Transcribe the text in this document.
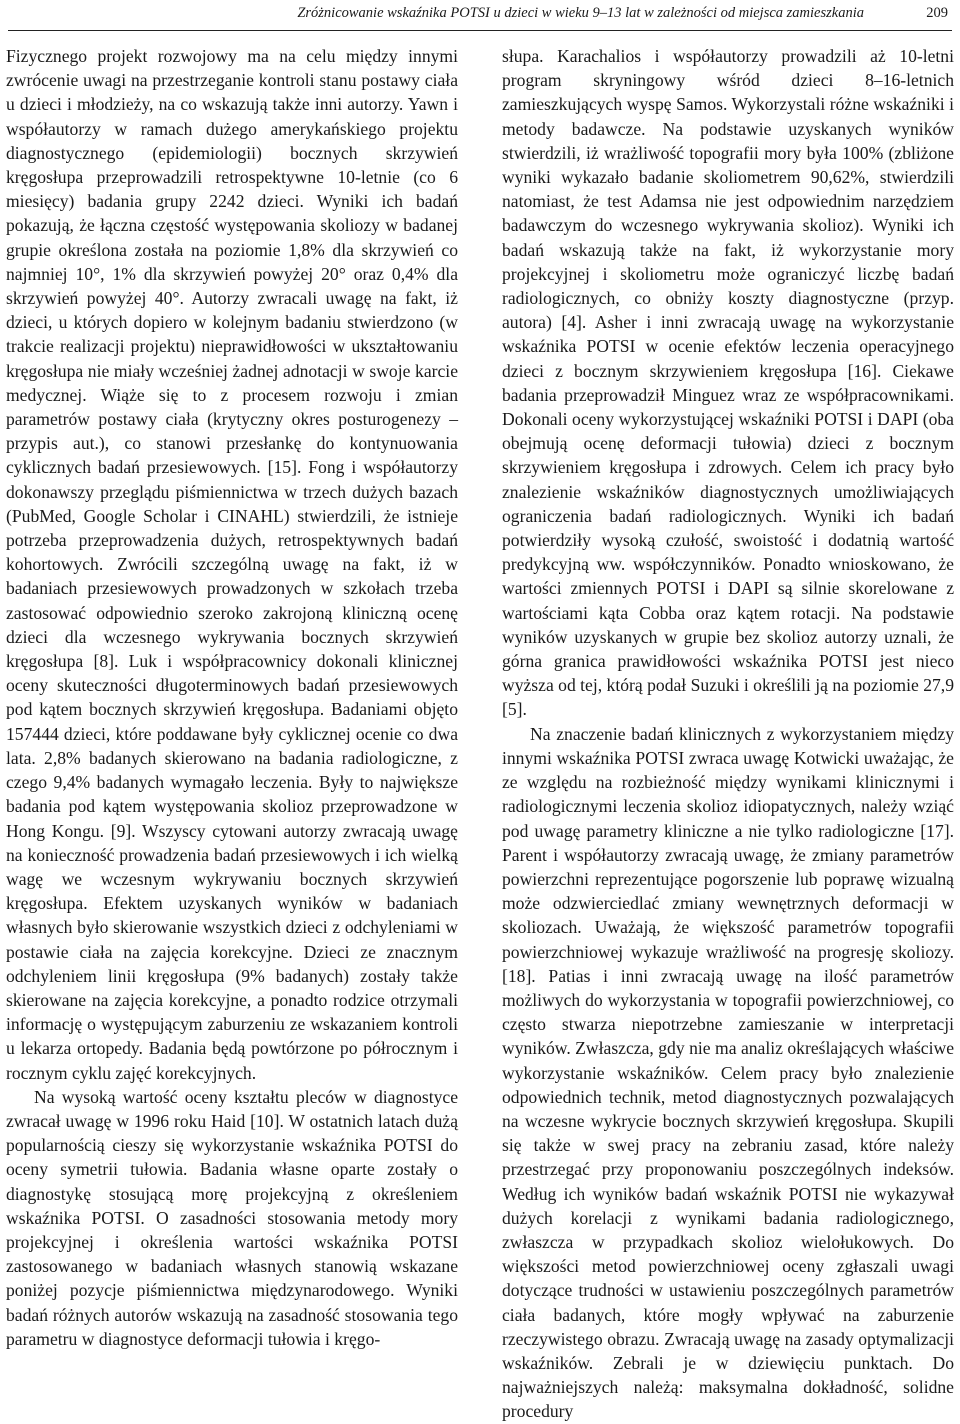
Zróżnicowanie wskaźnika POTSI u dzieci w wieku 9–13 lat w zależności od miejsca zamieszkania	209

Fizycznego projekt rozwojowy ma na celu między innymi zwrócenie uwagi na przestrzeganie kontroli stanu postawy ciała u dzieci i młodzieży, na co wskazują także inni autorzy. Yawn i współautorzy w ramach dużego amerykańskiego projektu diagnostycznego (epidemiologii) bocznych skrzywień kręgosłupa przeprowadzili retrospektywne 10-letnie (co 6 miesięcy) badania grupy 2242 dzieci. Wyniki ich badań pokazują, że łączna częstość występowania skoliozy w badanej grupie określona została na poziomie 1,8% dla skrzywień co najmniej 10°, 1% dla skrzywień powyżej 20° oraz 0,4% dla skrzywień powyżej 40°. Autorzy zwracali uwagę na fakt, iż dzieci, u których dopiero w kolejnym badaniu stwierdzono (w trakcie realizacji projektu) nieprawidłowości w ukształtowaniu kręgosłupa nie miały wcześniej żadnej adnotacji w swoje karcie medycznej. Wiąże się to z procesem rozwoju i zmian parametrów postawy ciała (krytyczny okres posturogenezy – przypis aut.), co stanowi przesłankę do kontynuowania cyklicznych badań przesiewowych. [15]. Fong i współautorzy dokonawszy przeglądu piśmiennictwa w trzech dużych bazach (PubMed, Google Scholar i CINAHL) stwierdzili, że istnieje potrzeba przeprowadzenia dużych, retrospektywnych badań kohortowych. Zwrócili szczególną uwagę na fakt, iż w badaniach przesiewowych prowadzonych w szkołach trzeba zastosować odpowiednio szeroko zakrojoną kliniczną ocenę dzieci dla wczesnego wykrywania bocznych skrzywień kręgosłupa [8]. Luk i współpracownicy dokonali klinicznej oceny skuteczności długoterminowych badań przesiewowych pod kątem bocznych skrzywień kręgosłupa. Badaniami objęto 157444 dzieci, które poddawane były cyklicznej ocenie co dwa lata. 2,8% badanych skierowano na badania radiologiczne, z czego 9,4% badanych wymagało leczenia. Były to największe badania pod kątem występowania skolioz przeprowadzone w Hong Kongu. [9]. Wszyscy cytowani autorzy zwracają uwagę na konieczność prowadzenia badań przesiewowych i ich wielką wagę we wczesnym wykrywaniu bocznych skrzywień kręgosłupa. Efektem uzyskanych wyników w badaniach własnych było skierowanie wszystkich dzieci z odchyleniami w postawie ciała na zajęcia korekcyjne. Dzieci ze znacznym odchyleniem linii kręgosłupa (9% badanych) zostały także skierowane na zajęcia korekcyjne, a ponadto rodzice otrzymali informację o występującym zaburzeniu ze wskazaniem kontroli u lekarza ortopedy. Badania będą powtórzone po półrocznym i rocznym cyklu zajęć korekcyjnych.

Na wysoką wartość oceny kształtu pleców w diagnostyce zwracał uwagę w 1996 roku Haid [10]. W ostatnich latach dużą popularnością cieszy się wykorzystanie wskaźnika POTSI do oceny symetrii tułowia. Badania własne oparte zostały o diagnostykę stosującą morę projekcyjną z określeniem wskaźnika POTSI. O zasadności stosowania metody mory projekcyjnej i określenia wartości wskaźnika POTSI zastosowanego w badaniach własnych stanowią wskazane poniżej pozycje piśmiennictwa międzynarodowego. Wyniki badań różnych autorów wskazują na zasadność stosowania tego parametru w diagnostyce deformacji tułowia i kręgo-

słupa. Karachalios i współautorzy prowadzili aż 10-letni program skryningowy wśród dzieci 8–16-letnich zamieszkujących wyspę Samos. Wykorzystali różne wskaźniki i metody badawcze. Na podstawie uzyskanych wyników stwierdzili, iż wrażliwość topografii mory była 100% (zbliżone wyniki wykazało badanie skoliometrem 90,62%, stwierdzili natomiast, że test Adamsa nie jest odpowiednim narzędziem badawczym do wczesnego wykrywania skolioz). Wyniki ich badań wskazują także na fakt, iż wykorzystanie mory projekcyjnej i skoliometru może ograniczyć liczbę badań radiologicznych, co obniży koszty diagnostyczne (przyp. autora) [4]. Asher i inni zwracają uwagę na wykorzystanie wskaźnika POTSI w ocenie efektów leczenia operacyjnego dzieci z bocznym skrzywieniem kręgosłupa [16]. Ciekawe badania przeprowadził Minguez wraz ze współpracownikami. Dokonali oceny wykorzystującej wskaźniki POTSI i DAPI (oba obejmują ocenę deformacji tułowia) dzieci z bocznym skrzywieniem kręgosłupa i zdrowych. Celem ich pracy było znalezienie wskaźników diagnostycznych umożliwiających ograniczenia badań radiologicznych. Wyniki ich badań potwierdziły wysoką czułość, swoistość i dodatnią wartość predykcyjną ww. współczynników. Ponadto wnioskowano, że wartości zmiennych POTSI i DAPI są silnie skorelowane z wartościami kąta Cobba oraz kątem rotacji. Na podstawie wyników uzyskanych w grupie bez skolioz autorzy uznali, że górna granica prawidłowości wskaźnika POTSI jest nieco wyższa od tej, którą podał Suzuki i określili ją na poziomie 27,9 [5].

Na znaczenie badań klinicznych z wykorzystaniem między innymi wskaźnika POTSI zwraca uwagę Kotwicki uważając, że ze względu na rozbieżność między wynikami klinicznymi i radiologicznymi leczenia skolioz idiopatycznych, należy wziąć pod uwagę parametry kliniczne a nie tylko radiologiczne [17]. Parent i współautorzy zwracają uwagę, że zmiany parametrów powierzchni reprezentujące pogorszenie lub poprawę wizualną może odzwierciedlać zmiany wewnętrznych deformacji w skoliozach. Uważają, że większość parametrów topografii powierzchniowej wykazuje wrażliwość na progresję skoliozy. [18]. Patias i inni zwracają uwagę na ilość parametrów możliwych do wykorzystania w topografii powierzchniowej, co często stwarza niepotrzebne zamieszanie w interpretacji wyników. Zwłaszcza, gdy nie ma analiz określających właściwe wykorzystanie wskaźników. Celem pracy było znalezienie odpowiednich technik, metod diagnostycznych pozwalających na wczesne wykrycie bocznych skrzywień kręgosłupa. Skupili się także w swej pracy na zebraniu zasad, które należy przestrzegać przy proponowaniu poszczególnych indeksów. Według ich wyników badań wskaźnik POTSI nie wykazywał dużych korelacji z wynikami badania radiologicznego, zwłaszcza w przypadkach skolioz wielołukowych. Do większości metod powierzchniowej oceny zgłaszali uwagi dotyczące trudności w ustawieniu poszczególnych parametrów ciała badanych, które mogły wpływać na zaburzenie rzeczywistego obrazu. Zwracają uwagę na zasady optymalizacji wskaźników. Zebrali je w dziewięciu punktach. Do najważniejszych należą: maksymalna dokładność, solidne procedury
